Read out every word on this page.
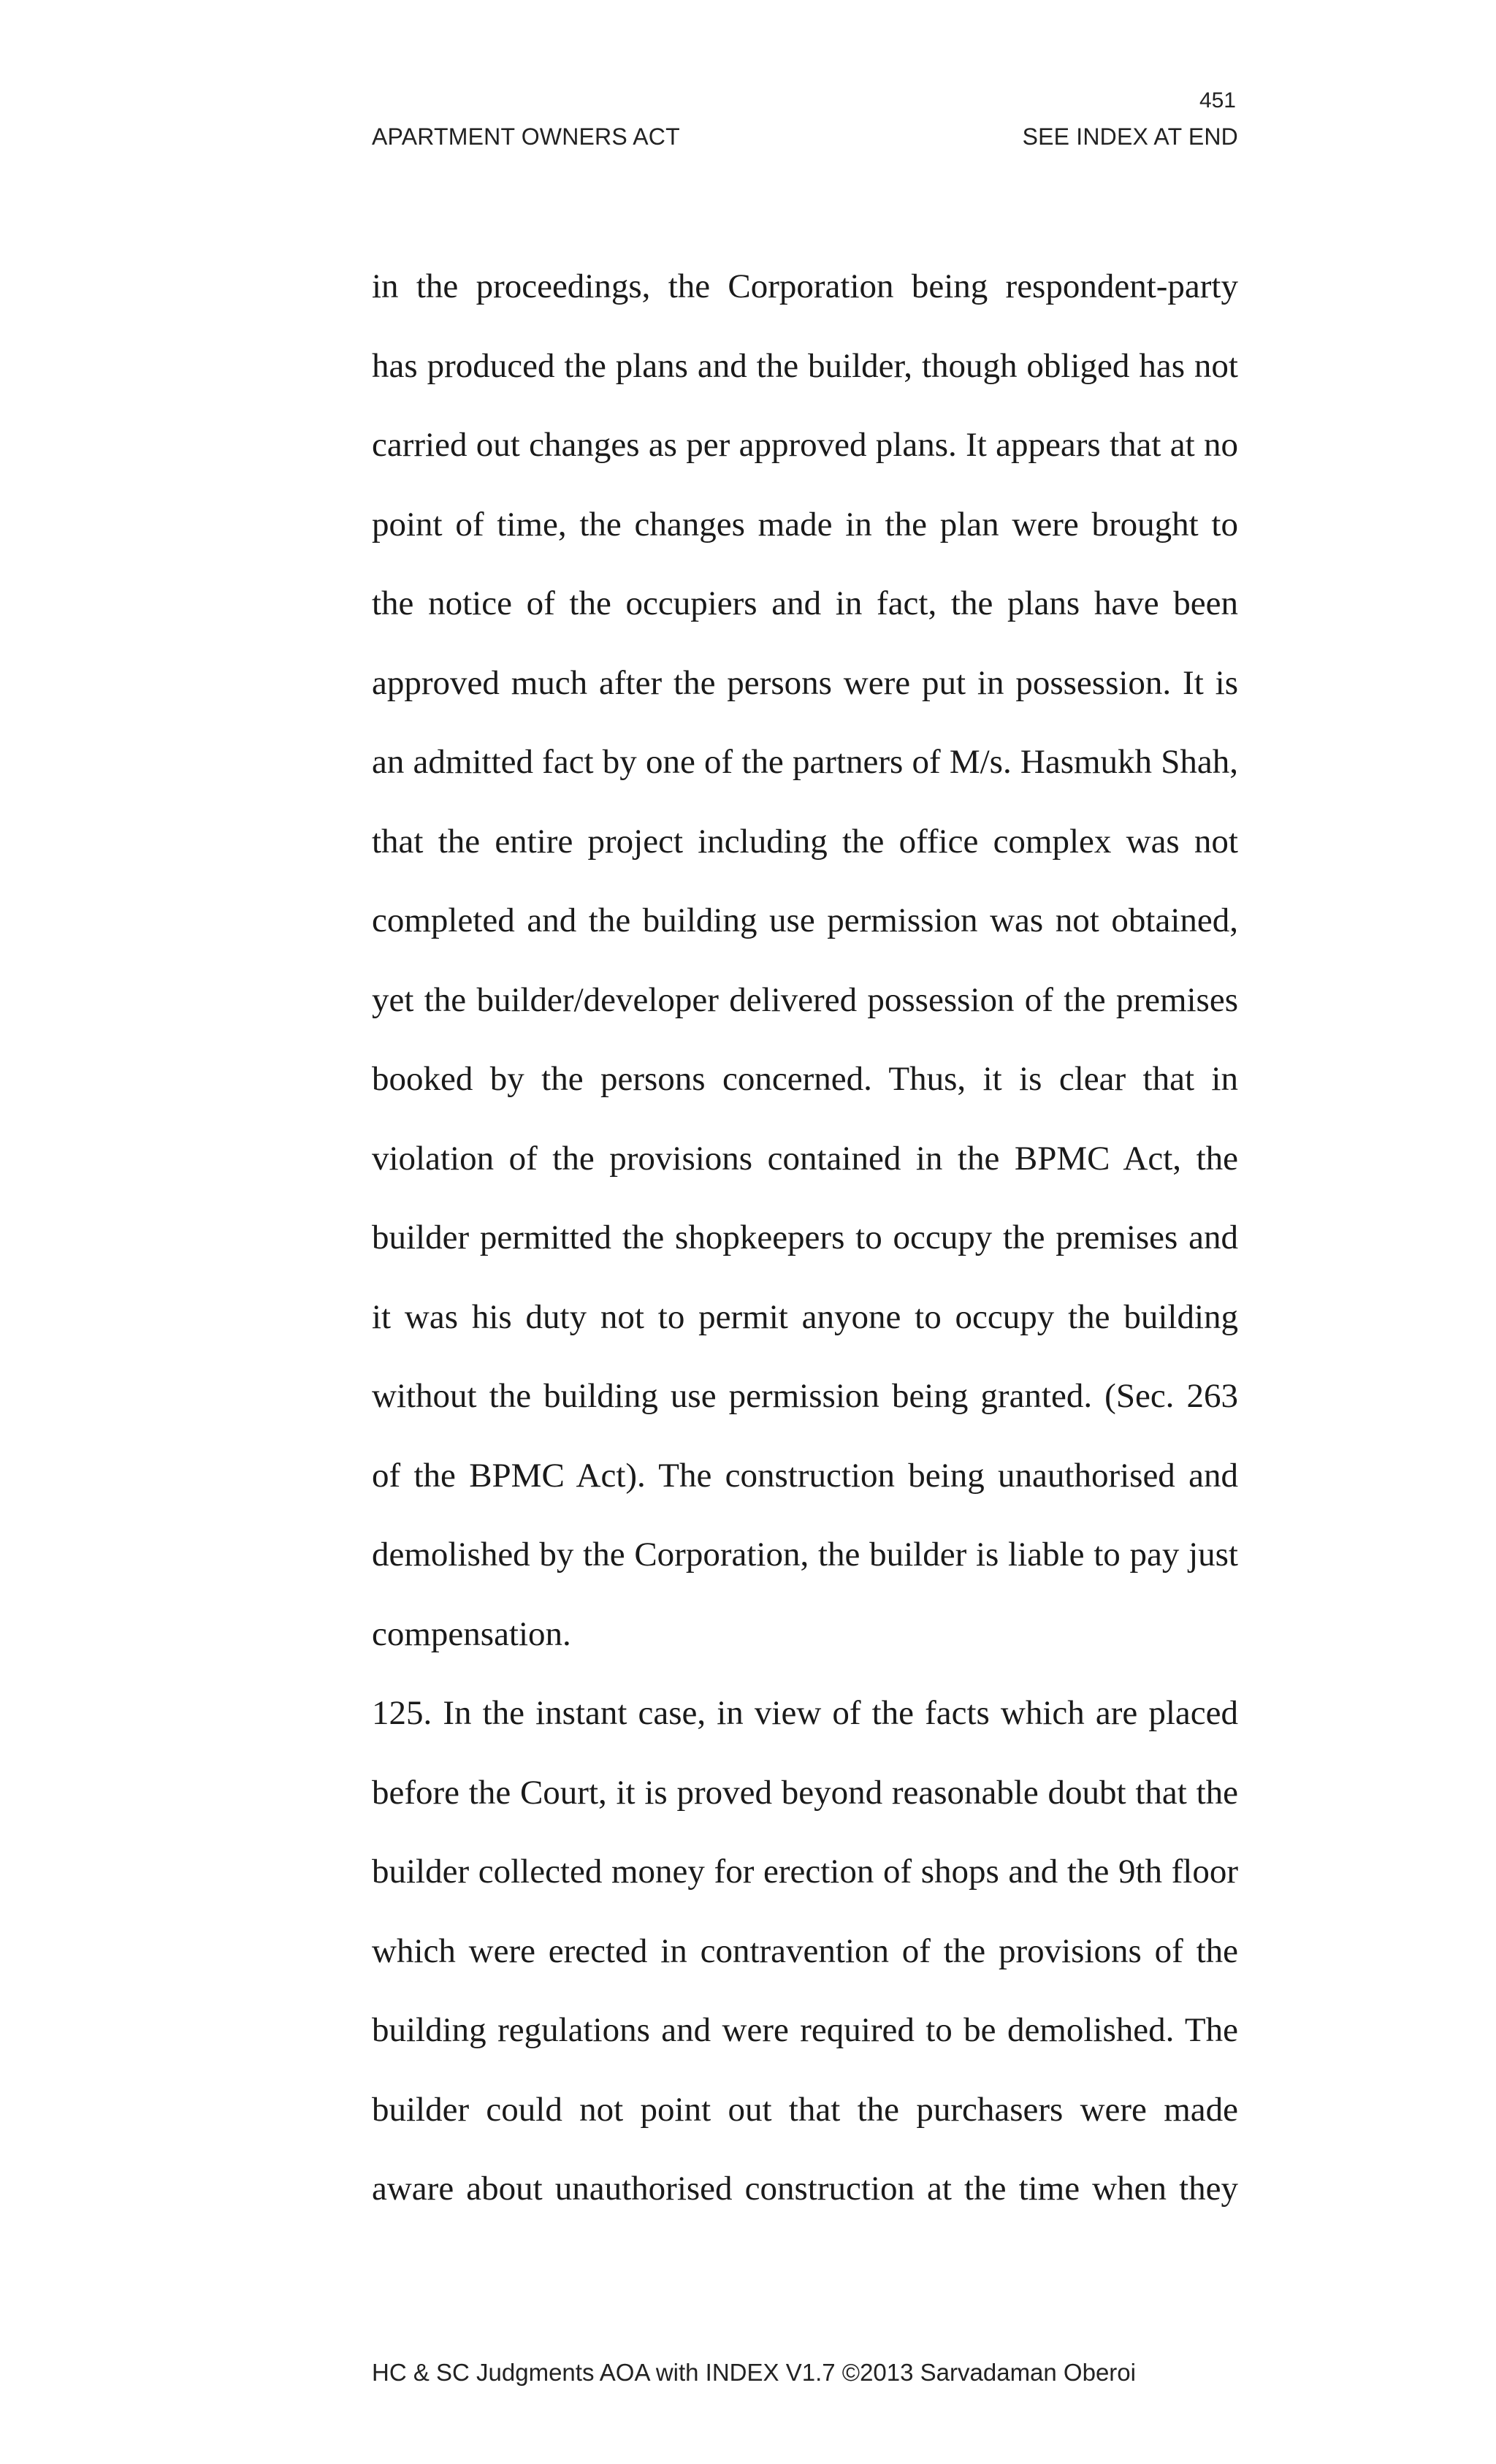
451
APARTMENT OWNERS ACT	SEE INDEX AT END
in the proceedings, the Corporation being respondent-party
has produced the plans and the builder, though obliged has not
carried out changes as per approved plans. It appears that at no
point of time, the changes made in the plan were brought to
the notice of the occupiers and in fact, the plans have been
approved much after the persons were put in possession. It is
an admitted fact by one of the partners of M/s. Hasmukh Shah,
that the entire project including the office complex was not
completed and the building use permission was not obtained,
yet the builder/developer delivered possession of the premises
booked by the persons concerned. Thus, it is clear that in
violation of the provisions contained in the BPMC Act, the
builder permitted the shopkeepers to occupy the premises and
it was his duty not to permit anyone to occupy the building
without the building use permission being granted. (Sec. 263
of the BPMC Act). The construction being unauthorised and
demolished by the Corporation, the builder is liable to pay just
compensation.
125. In the instant case, in view of the facts which are placed
before the Court, it is proved beyond reasonable doubt that the
builder collected money for erection of shops and the 9th floor
which were erected in contravention of the provisions of the
building regulations and were required to be demolished. The
builder could not point out that the purchasers were made
aware about unauthorised construction at the time when they
HC & SC Judgments AOA with INDEX V1.7 ©2013 Sarvadaman Oberoi
